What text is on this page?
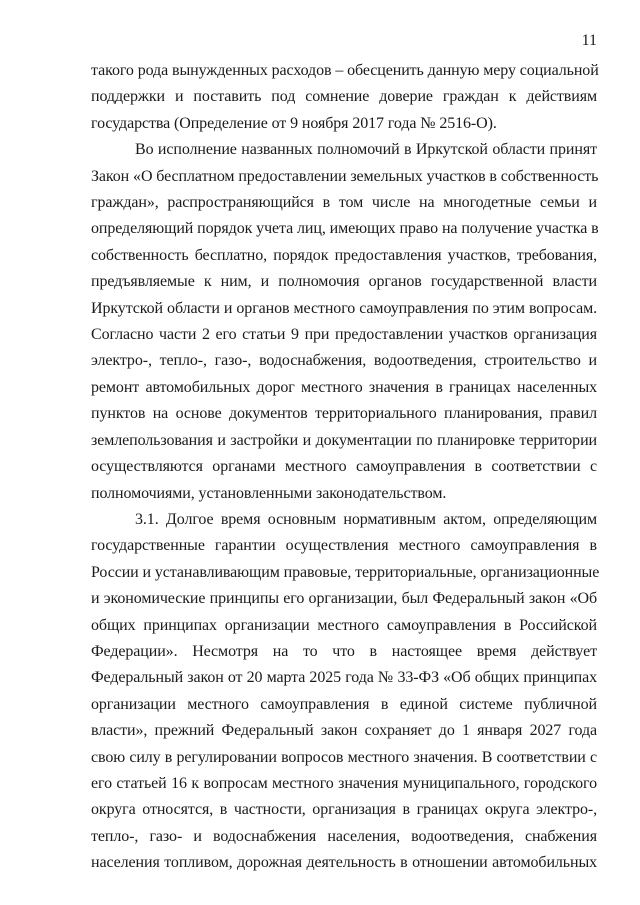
11
такого рода вынужденных расходов – обесценить данную меру социальной
поддержки и поставить под сомнение доверие граждан к действиям
государства (Определение от 9 ноября 2017 года № 2516-О).
Во исполнение названных полномочий в Иркутской области принят
Закон «О бесплатном предоставлении земельных участков в собственность
граждан», распространяющийся в том числе на многодетные семьи и
определяющий порядок учета лиц, имеющих право на получение участка в
собственность бесплатно, порядок предоставления участков, требования,
предъявляемые к ним, и полномочия органов государственной власти
Иркутской области и органов местного самоуправления по этим вопросам.
Согласно части 2 его статьи 9 при предоставлении участков организация
электро-, тепло-, газо-, водоснабжения, водоотведения, строительство и
ремонт автомобильных дорог местного значения в границах населенных
пунктов на основе документов территориального планирования, правил
землепользования и застройки и документации по планировке территории
осуществляются органами местного самоуправления в соответствии с
полномочиями, установленными законодательством.
3.1. Долгое время основным нормативным актом, определяющим
государственные гарантии осуществления местного самоуправления в
России и устанавливающим правовые, территориальные, организационные
и экономические принципы его организации, был Федеральный закон «Об
общих принципах организации местного самоуправления в Российской
Федерации». Несмотря на то что в настоящее время действует
Федеральный закон от 20 марта 2025 года № 33-ФЗ «Об общих принципах
организации местного самоуправления в единой системе публичной
власти», прежний Федеральный закон сохраняет до 1 января 2027 года
свою силу в регулировании вопросов местного значения. В соответствии с
его статьей 16 к вопросам местного значения муниципального, городского
округа относятся, в частности, организация в границах округа электро-,
тепло-, газо- и водоснабжения населения, водоотведения, снабжения
населения топливом, дорожная деятельность в отношении автомобильных
